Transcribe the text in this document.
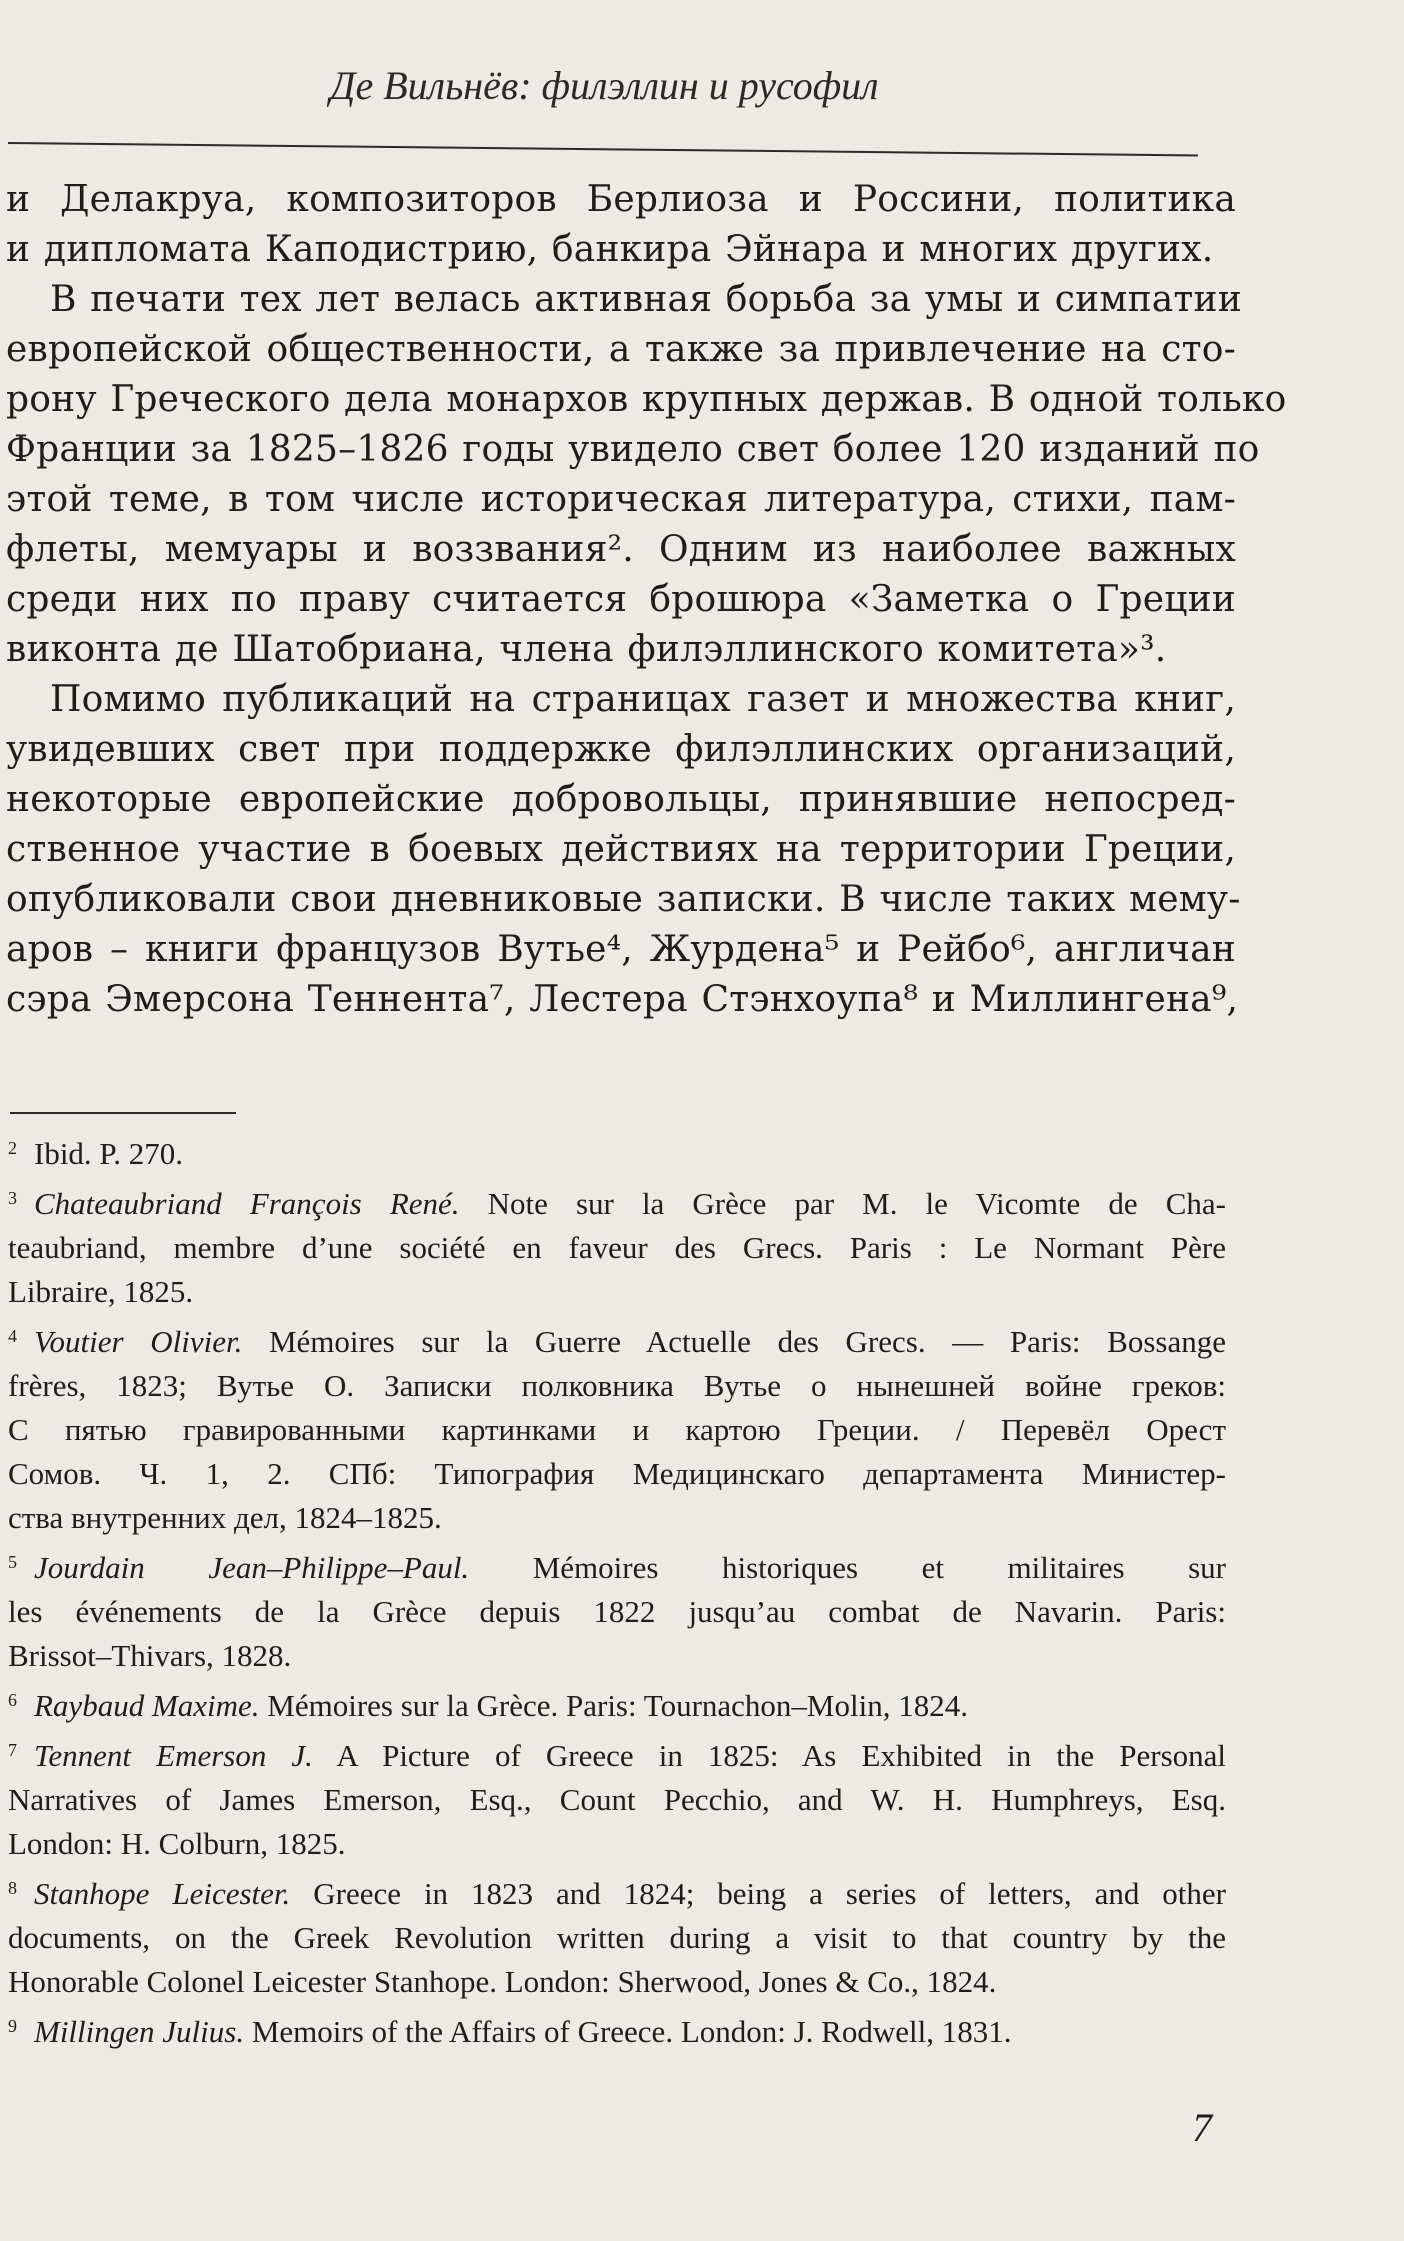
Де Вильнёв: филэллин и русофил
и Делакруа, композиторов Берлиоза и Россини, политика
и дипломата Каподистрию, банкира Эйнара и многих других.
В печати тех лет велась активная борьба за умы и симпатии
европейской общественности, а также за привлечение на сто-
рону Греческого дела монархов крупных держав. В одной только
Франции за 1825–1826 годы увидело свет более 120 изданий по
этой теме, в том числе историческая литература, стихи, пам-
флеты, мемуары и воззвания². Одним из наиболее важных
среди них по праву считается брошюра «Заметка о Греции
виконта де Шатобриана, члена филэллинского комитета»³.
Помимо публикаций на страницах газет и множества книг,
увидевших свет при поддержке филэллинских организаций,
некоторые европейские добровольцы, принявшие непосред-
ственное участие в боевых действиях на территории Греции,
опубликовали свои дневниковые записки. В числе таких мему-
аров – книги французов Вутье⁴, Журдена⁵ и Рейбо⁶, англичан
сэра Эмерсона Теннента⁷, Лестера Стэнхоупа⁸ и Миллингена⁹,
2 Ibid. P. 270.
3 Chateaubriand François René. Note sur la Grèce par M. le Vicomte de Cha-
teaubriand, membre d’une société en faveur des Grecs. Paris : Le Normant Père
Libraire, 1825.
4 Voutier Olivier. Mémoires sur la Guerre Actuelle des Grecs. — Paris: Bossange
frères, 1823; Вутье О. Записки полковника Вутье о нынешней войне греков:
С пятью гравированными картинками и картою Греции. / Перевёл Орест
Сомов. Ч. 1, 2. СПб: Типография Медицинскаго департамента Министер-
ства внутренних дел, 1824–1825.
5 Jourdain Jean–Philippe–Paul. Mémoires historiques et militaires sur
les événements de la Grèce depuis 1822 jusqu’au combat de Navarin. Paris:
Brissot–Thivars, 1828.
6 Raybaud Maxime. Mémoires sur la Grèce. Paris: Tournachon–Molin, 1824.
7 Tennent Emerson J. A Picture of Greece in 1825: As Exhibited in the Personal
Narratives of James Emerson, Esq., Count Pecchio, and W. H. Humphreys, Esq.
London: H. Colburn, 1825.
8 Stanhope Leicester. Greece in 1823 and 1824; being a series of letters, and other
documents, on the Greek Revolution written during a visit to that country by the
Honorable Colonel Leicester Stanhope. London: Sherwood, Jones & Co., 1824.
9 Millingen Julius. Memoirs of the Affairs of Greece. London: J. Rodwell, 1831.
7
